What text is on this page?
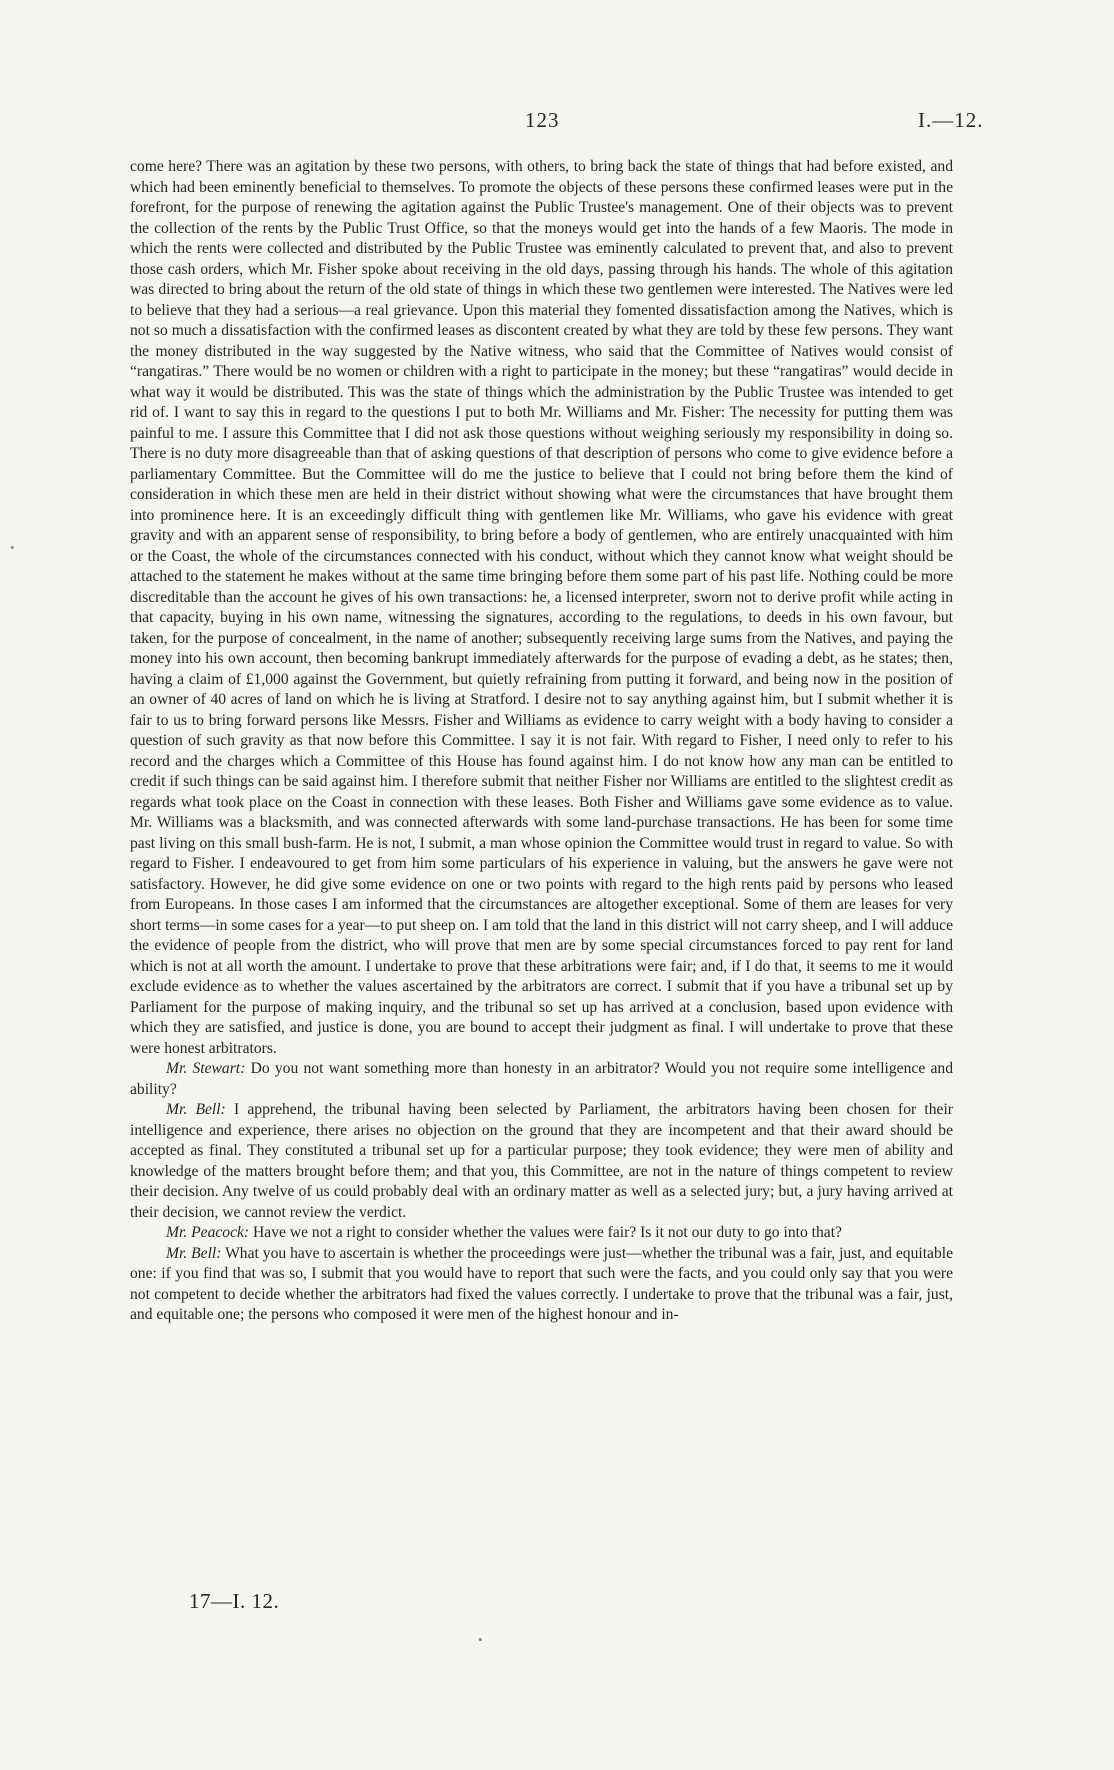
123	I.—12.

come here? There was an agitation by these two persons, with others, to bring back the state of things that had before existed, and which had been eminently beneficial to themselves. To promote the objects of these persons these confirmed leases were put in the forefront, for the purpose of renewing the agitation against the Public Trustee's management. One of their objects was to prevent the collection of the rents by the Public Trust Office, so that the moneys would get into the hands of a few Maoris. The mode in which the rents were collected and distributed by the Public Trustee was eminently calculated to prevent that, and also to prevent those cash orders, which Mr. Fisher spoke about receiving in the old days, passing through his hands. The whole of this agitation was directed to bring about the return of the old state of things in which these two gentlemen were interested. The Natives were led to believe that they had a serious—a real grievance. Upon this material they fomented dissatisfaction among the Natives, which is not so much a dissatisfaction with the confirmed leases as discontent created by what they are told by these few persons. They want the money distributed in the way suggested by the Native witness, who said that the Committee of Natives would consist of “rangatiras.” There would be no women or children with a right to participate in the money; but these “rangatiras” would decide in what way it would be distributed. This was the state of things which the administration by the Public Trustee was intended to get rid of. I want to say this in regard to the questions I put to both Mr. Williams and Mr. Fisher: The necessity for putting them was painful to me. I assure this Committee that I did not ask those questions without weighing seriously my responsibility in doing so. There is no duty more disagreeable than that of asking questions of that description of persons who come to give evidence before a parliamentary Committee. But the Committee will do me the justice to believe that I could not bring before them the kind of consideration in which these men are held in their district without showing what were the circumstances that have brought them into prominence here. It is an exceedingly difficult thing with gentlemen like Mr. Williams, who gave his evidence with great gravity and with an apparent sense of responsibility, to bring before a body of gentlemen, who are entirely unacquainted with him or the Coast, the whole of the circumstances connected with his conduct, without which they cannot know what weight should be attached to the statement he makes without at the same time bringing before them some part of his past life. Nothing could be more discreditable than the account he gives of his own transactions: he, a licensed interpreter, sworn not to derive profit while acting in that capacity, buying in his own name, witnessing the signatures, according to the regulations, to deeds in his own favour, but taken, for the purpose of concealment, in the name of another; subsequently receiving large sums from the Natives, and paying the money into his own account, then becoming bankrupt immediately afterwards for the purpose of evading a debt, as he states; then, having a claim of £1,000 against the Government, but quietly refraining from putting it forward, and being now in the position of an owner of 40 acres of land on which he is living at Stratford. I desire not to say anything against him, but I submit whether it is fair to us to bring forward persons like Messrs. Fisher and Williams as evidence to carry weight with a body having to consider a question of such gravity as that now before this Committee. I say it is not fair. With regard to Fisher, I need only to refer to his record and the charges which a Committee of this House has found against him. I do not know how any man can be entitled to credit if such things can be said against him. I therefore submit that neither Fisher nor Williams are entitled to the slightest credit as regards what took place on the Coast in connection with these leases. Both Fisher and Williams gave some evidence as to value. Mr. Williams was a blacksmith, and was connected afterwards with some land-purchase transactions. He has been for some time past living on this small bush-farm. He is not, I submit, a man whose opinion the Committee would trust in regard to value. So with regard to Fisher. I endeavoured to get from him some particulars of his experience in valuing, but the answers he gave were not satisfactory. However, he did give some evidence on one or two points with regard to the high rents paid by persons who leased from Europeans. In those cases I am informed that the circumstances are altogether exceptional. Some of them are leases for very short terms—in some cases for a year—to put sheep on. I am told that the land in this district will not carry sheep, and I will adduce the evidence of people from the district, who will prove that men are by some special circumstances forced to pay rent for land which is not at all worth the amount. I undertake to prove that these arbitrations were fair; and, if I do that, it seems to me it would exclude evidence as to whether the values ascertained by the arbitrators are correct. I submit that if you have a tribunal set up by Parliament for the purpose of making inquiry, and the tribunal so set up has arrived at a conclusion, based upon evidence with which they are satisfied, and justice is done, you are bound to accept their judgment as final. I will undertake to prove that these were honest arbitrators.

Mr. Stewart: Do you not want something more than honesty in an arbitrator? Would you not require some intelligence and ability?

Mr. Bell: I apprehend, the tribunal having been selected by Parliament, the arbitrators having been chosen for their intelligence and experience, there arises no objection on the ground that they are incompetent and that their award should be accepted as final. They constituted a tribunal set up for a particular purpose; they took evidence; they were men of ability and knowledge of the matters brought before them; and that you, this Committee, are not in the nature of things competent to review their decision. Any twelve of us could probably deal with an ordinary matter as well as a selected jury; but, a jury having arrived at their decision, we cannot review the verdict.

Mr. Peacock: Have we not a right to consider whether the values were fair? Is it not our duty to go into that?

Mr. Bell: What you have to ascertain is whether the proceedings were just—whether the tribunal was a fair, just, and equitable one: if you find that was so, I submit that you would have to report that such were the facts, and you could only say that you were not competent to decide whether the arbitrators had fixed the values correctly. I undertake to prove that the tribunal was a fair, just, and equitable one; the persons who composed it were men of the highest honour and in-

17—I. 12.
•
•
